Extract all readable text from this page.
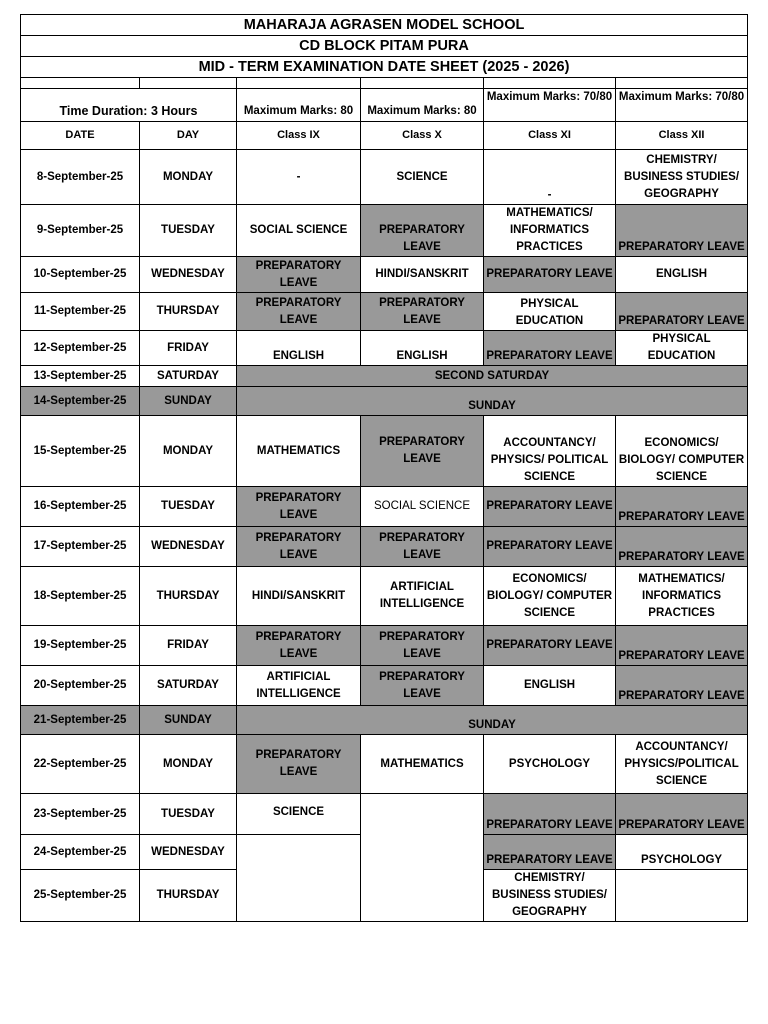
MAHARAJA AGRASEN MODEL SCHOOL					
CD BLOCK PITAM PURA					
MID - TERM EXAMINATION DATE SHEET (2025 - 2026)					

Time Duration: 3 Hours		Maximum Marks: 80	Maximum Marks: 80	Maximum Marks: 70/80	Maximum Marks: 70/80
DATE	DAY	Class IX	Class X	Class XI	Class XII
8-September-25	MONDAY	-	SCIENCE	-	CHEMISTRY/ BUSINESS STUDIES/ GEOGRAPHY
9-September-25	TUESDAY	SOCIAL SCIENCE	PREPARATORY LEAVE	MATHEMATICS/ INFORMATICS PRACTICES	PREPARATORY LEAVE
10-September-25	WEDNESDAY	PREPARATORY LEAVE	HINDI/SANSKRIT	PREPARATORY LEAVE	ENGLISH
11-September-25	THURSDAY	PREPARATORY LEAVE	PREPARATORY LEAVE	PHYSICAL EDUCATION	PREPARATORY LEAVE
12-September-25	FRIDAY	ENGLISH	ENGLISH	PREPARATORY LEAVE	PHYSICAL EDUCATION
13-September-25	SATURDAY	SECOND SATURDAY			
14-September-25	SUNDAY	SUNDAY			
15-September-25	MONDAY	MATHEMATICS	PREPARATORY LEAVE	ACCOUNTANCY/ PHYSICS/ POLITICAL SCIENCE	ECONOMICS/ BIOLOGY/ COMPUTER SCIENCE
16-September-25	TUESDAY	PREPARATORY LEAVE	SOCIAL SCIENCE	PREPARATORY LEAVE	PREPARATORY LEAVE
17-September-25	WEDNESDAY	PREPARATORY LEAVE	PREPARATORY LEAVE	PREPARATORY LEAVE	PREPARATORY LEAVE
18-September-25	THURSDAY	HINDI/SANSKRIT	ARTIFICIAL INTELLIGENCE	ECONOMICS/ BIOLOGY/ COMPUTER SCIENCE	MATHEMATICS/ INFORMATICS PRACTICES
19-September-25	FRIDAY	PREPARATORY LEAVE	PREPARATORY LEAVE	PREPARATORY LEAVE	PREPARATORY LEAVE
20-September-25	SATURDAY	ARTIFICIAL INTELLIGENCE	PREPARATORY LEAVE	ENGLISH	PREPARATORY LEAVE
21-September-25	SUNDAY	SUNDAY			
22-September-25	MONDAY	PREPARATORY LEAVE	MATHEMATICS	PSYCHOLOGY	ACCOUNTANCY/ PHYSICS/POLITICAL SCIENCE
23-September-25	TUESDAY	SCIENCE		PREPARATORY LEAVE	PREPARATORY LEAVE
24-September-25	WEDNESDAY			PREPARATORY LEAVE	PSYCHOLOGY
25-September-25	THURSDAY			CHEMISTRY/ BUSINESS STUDIES/ GEOGRAPHY	
